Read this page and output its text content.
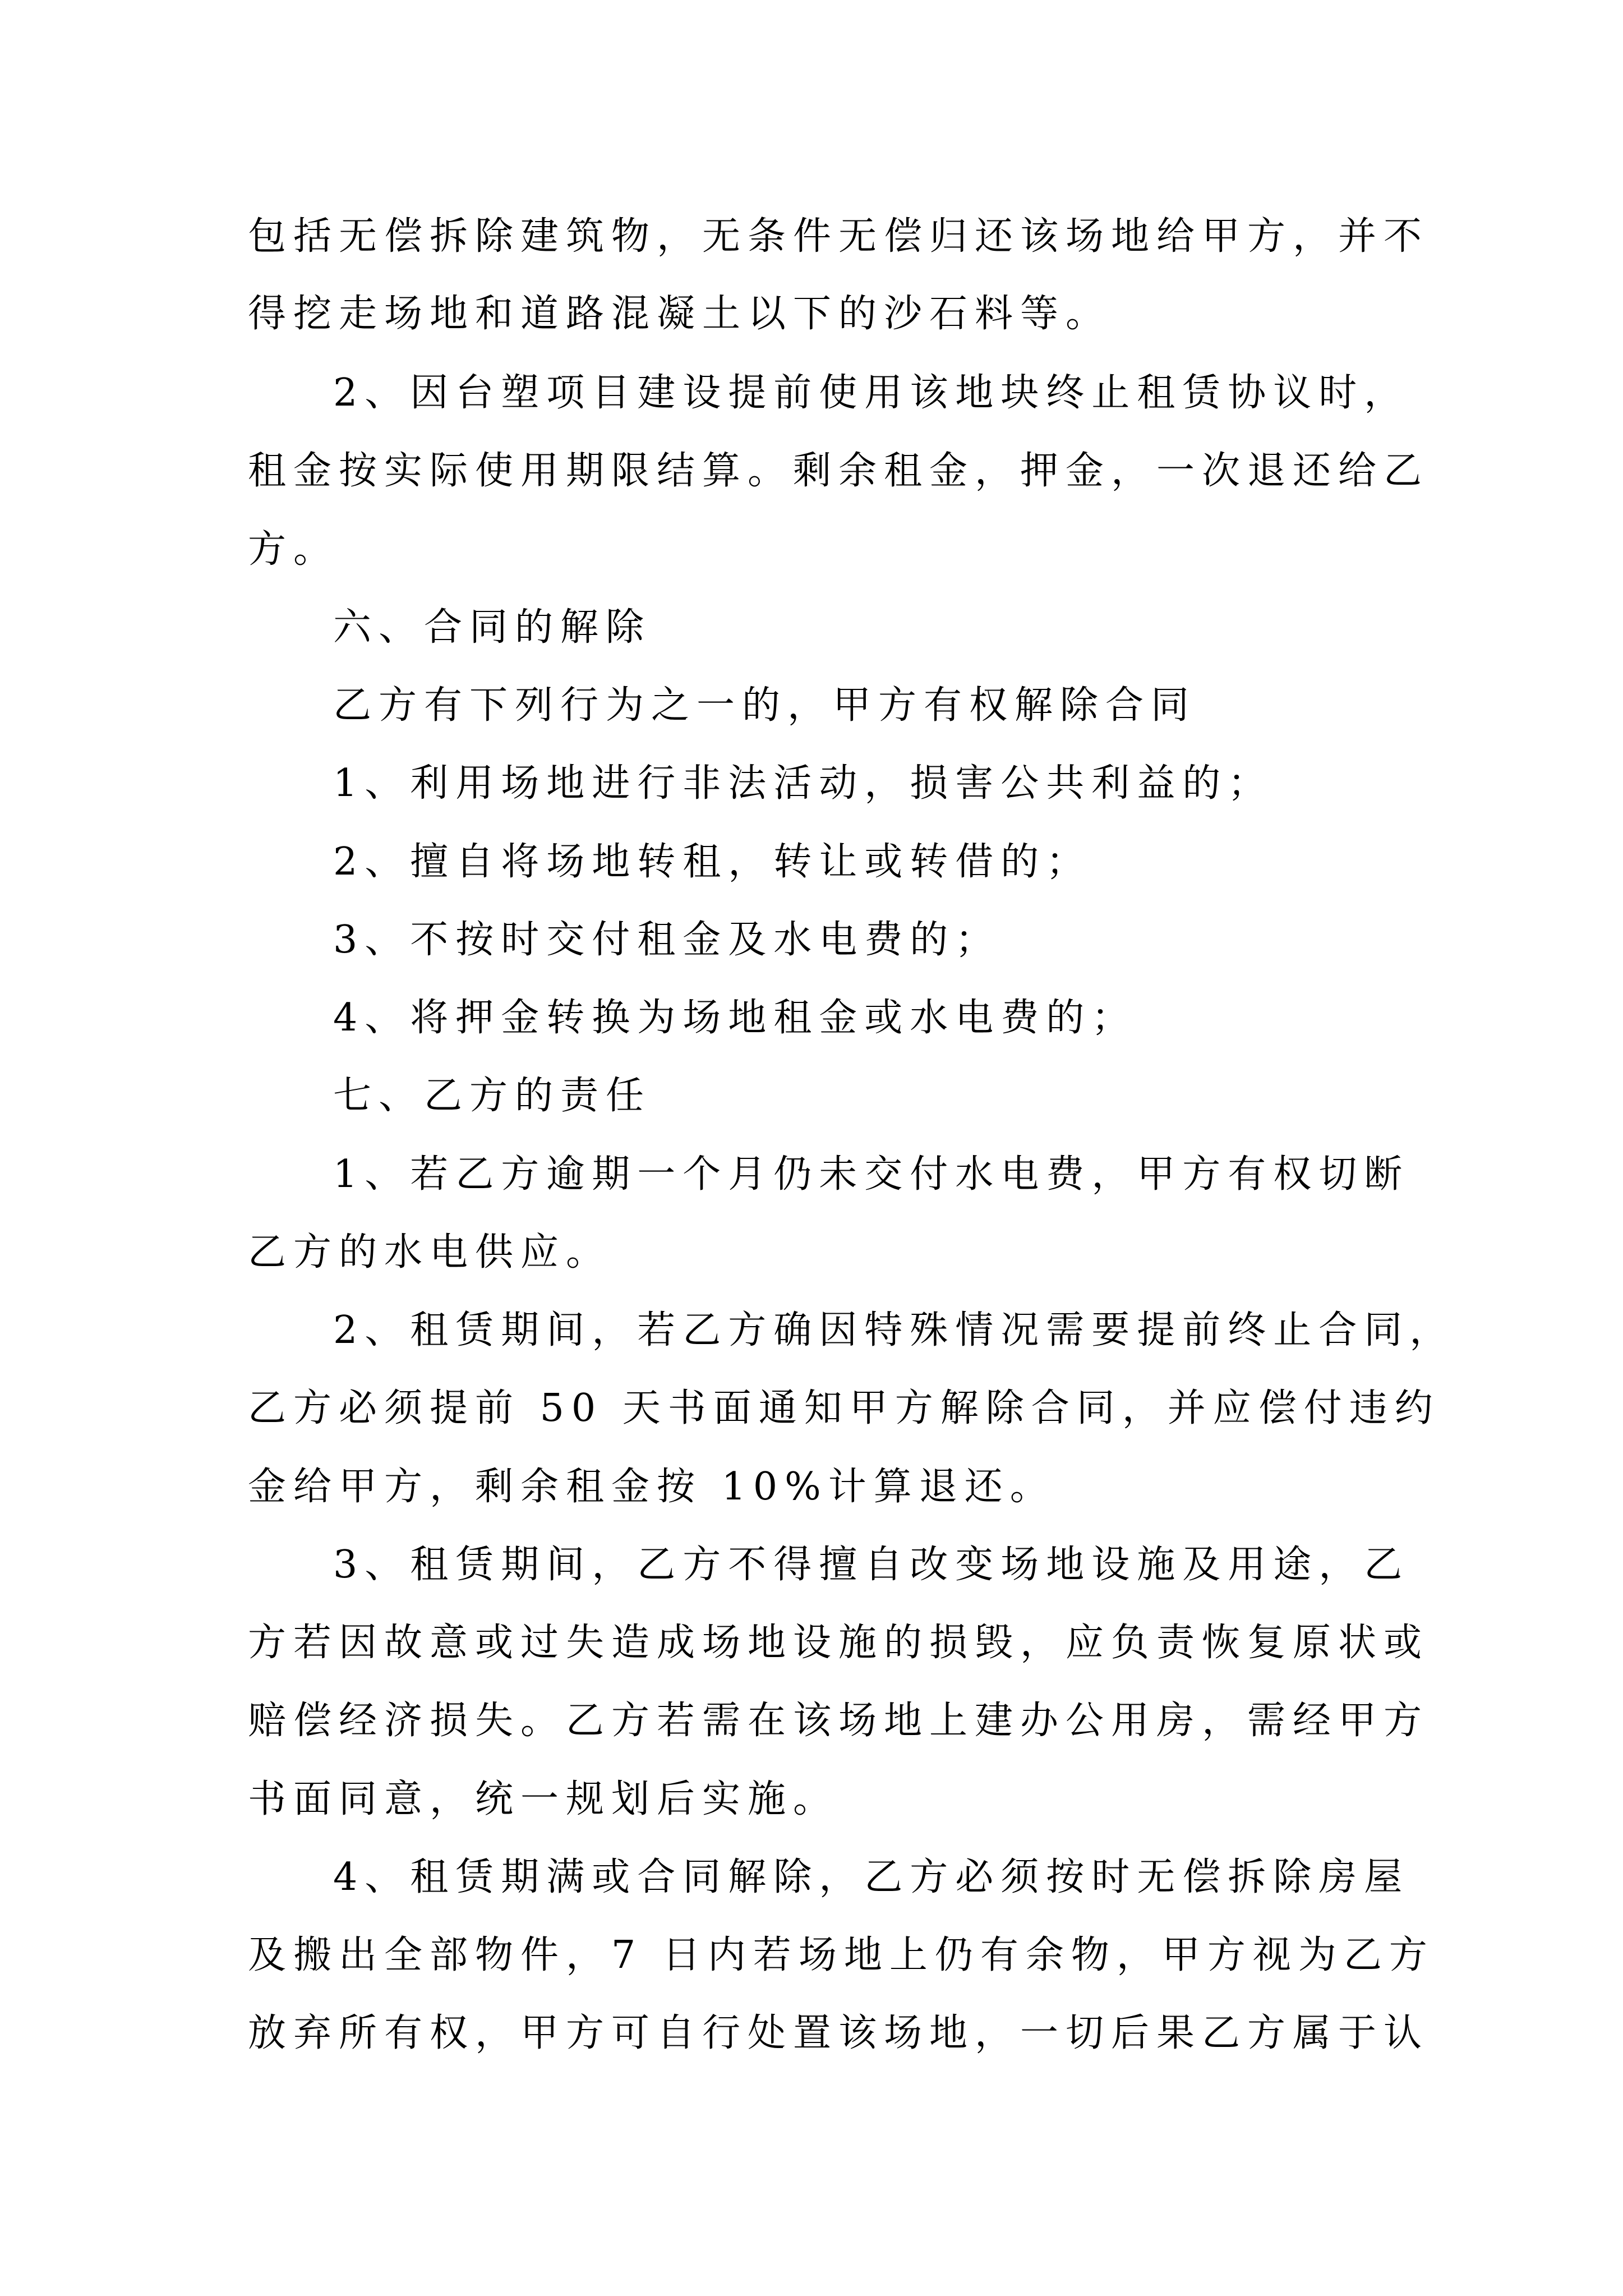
包括无偿拆除建筑物，无条件无偿归还该场地给甲方，并不
得挖走场地和道路混凝土以下的沙石料等。
2、因台塑项目建设提前使用该地块终止租赁协议时，
租金按实际使用期限结算。剩余租金，押金，一次退还给乙
方。
六、合同的解除
乙方有下列行为之一的，甲方有权解除合同
1、利用场地进行非法活动，损害公共利益的；
2、擅自将场地转租，转让或转借的；
3、不按时交付租金及水电费的；
4、将押金转换为场地租金或水电费的；
七、乙方的责任
1、若乙方逾期一个月仍未交付水电费，甲方有权切断
乙方的水电供应。
2、租赁期间，若乙方确因特殊情况需要提前终止合同，
乙方必须提前 50 天书面通知甲方解除合同，并应偿付违约
金给甲方，剩余租金按 10%计算退还。
3、租赁期间，乙方不得擅自改变场地设施及用途，乙
方若因故意或过失造成场地设施的损毁，应负责恢复原状或
赔偿经济损失。乙方若需在该场地上建办公用房，需经甲方
书面同意，统一规划后实施。
4、租赁期满或合同解除，乙方必须按时无偿拆除房屋
及搬出全部物件，7 日内若场地上仍有余物，甲方视为乙方
放弃所有权，甲方可自行处置该场地，一切后果乙方属于认
